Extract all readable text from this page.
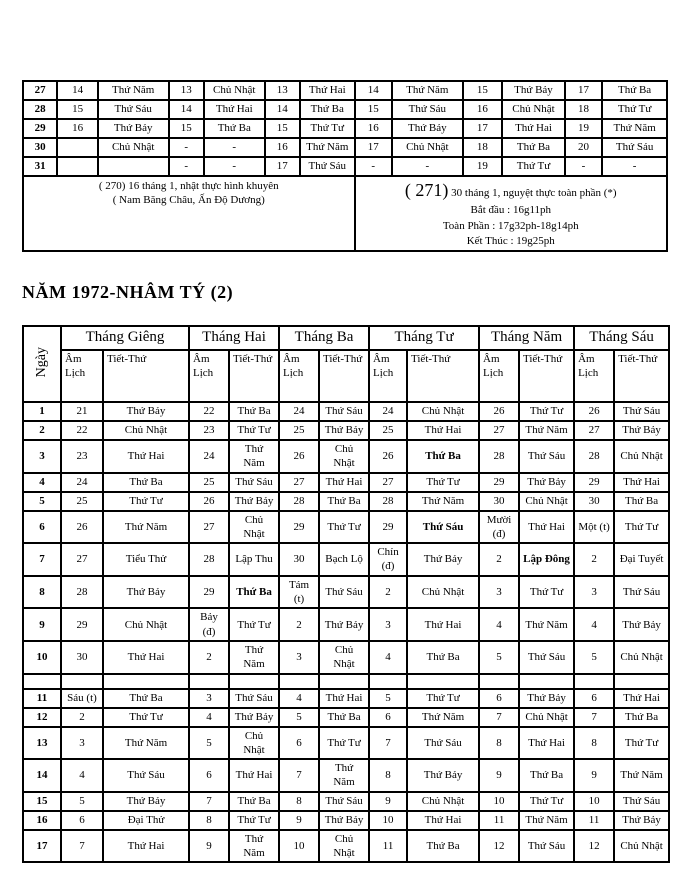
27	14	Thứ Năm	13	Chủ Nhật	13	Thứ Hai	14	Thứ Năm	15	Thứ Bảy	17	Thứ Ba
28	15	Thứ Sáu	14	Thứ Hai	14	Thứ Ba	15	Thứ Sáu	16	Chủ Nhật	18	Thứ Tư
29	16	Thứ Bảy	15	Thứ Ba	15	Thứ Tư	16	Thứ Bảy	17	Thứ Hai	19	Thứ Năm
30		Chủ Nhật	-	-	16	Thứ Năm	17	Chủ Nhật	18	Thứ Ba	20	Thứ Sáu
31			-	-	17	Thứ Sáu	-	-	19	Thứ Tư	-	-

( 270) 16 tháng 1, nhật thực hình khuyên
( Nam Băng Châu, Ấn Độ Dương)

( 271) 30 tháng 1, nguyệt thực toàn phần (*)
Bắt đầu : 16g11ph
Toàn Phần : 17g32ph-18g14ph
Kết Thúc : 19g25ph
NĂM 1972-NHÂM TÝ (2)
Ngày	Tháng Giêng		Tháng Hai		Tháng Ba		Tháng Tư		Tháng Năm		Tháng Sáu	
	Âm Lịch	Tiết-Thứ	Âm Lịch	Tiết-Thứ	Âm Lịch	Tiết-Thứ	Âm Lịch	Tiết-Thứ	Âm Lịch	Tiết-Thứ	Âm Lịch	Tiết-Thứ
1	21	Thứ Bảy	22	Thứ Ba	24	Thứ Sáu	24	Chủ Nhật	26	Thứ Tư	26	Thứ Sáu
2	22	Chủ Nhật	23	Thứ Tư	25	Thứ Bảy	25	Thứ Hai	27	Thứ Năm	27	Thứ Bảy
3	23	Thứ Hai	24	Thứ Năm	26	Chủ Nhật	26	Thứ Ba	28	Thứ Sáu	28	Chủ Nhật
4	24	Thứ Ba	25	Thứ Sáu	27	Thứ Hai	27	Thứ Tư	29	Thứ Bảy	29	Thứ Hai
5	25	Thứ Tư	26	Thứ Bảy	28	Thứ Ba	28	Thứ Năm	30	Chủ Nhật	30	Thứ Ba
6	26	Thứ Năm	27	Chủ Nhật	29	Thứ Tư	29	Thứ Sáu	Mười (đ)	Thứ Hai	Một (t)	Thứ Tư
7	27	Tiểu Thử	28	Lập Thu	30	Bạch Lộ	Chín (đ)	Thứ Bảy	2	Lập Đông	2	Đại Tuyết
8	28	Thứ Bảy	29	Thứ Ba	Tám (t)	Thứ Sáu	2	Chủ Nhật	3	Thứ Tư	3	Thứ Sáu
9	29	Chủ Nhật	Bảy (đ)	Thứ Tư	2	Thứ Bảy	3	Thứ Hai	4	Thứ Năm	4	Thứ Bảy
10	30	Thứ Hai	2	Thứ Năm	3	Chủ Nhật	4	Thứ Ba	5	Thứ Sáu	5	Chủ Nhật

11	Sáu (t)	Thứ Ba	3	Thứ Sáu	4	Thứ Hai	5	Thứ Tư	6	Thứ Bảy	6	Thứ Hai
12	2	Thứ Tư	4	Thứ Bảy	5	Thứ Ba	6	Thứ Năm	7	Chủ Nhật	7	Thứ Ba
13	3	Thứ Năm	5	Chủ Nhật	6	Thứ Tư	7	Thứ Sáu	8	Thứ Hai	8	Thứ Tư
14	4	Thứ Sáu	6	Thứ Hai	7	Thứ Năm	8	Thứ Bảy	9	Thứ Ba	9	Thứ Năm
15	5	Thứ Bảy	7	Thứ Ba	8	Thứ Sáu	9	Chủ Nhật	10	Thứ Tư	10	Thứ Sáu
16	6	Đại Thử	8	Thứ Tư	9	Thứ Bảy	10	Thứ Hai	11	Thứ Năm	11	Thứ Bảy
17	7	Thứ Hai	9	Thứ Năm	10	Chủ Nhật	11	Thứ Ba	12	Thứ Sáu	12	Chủ Nhật
